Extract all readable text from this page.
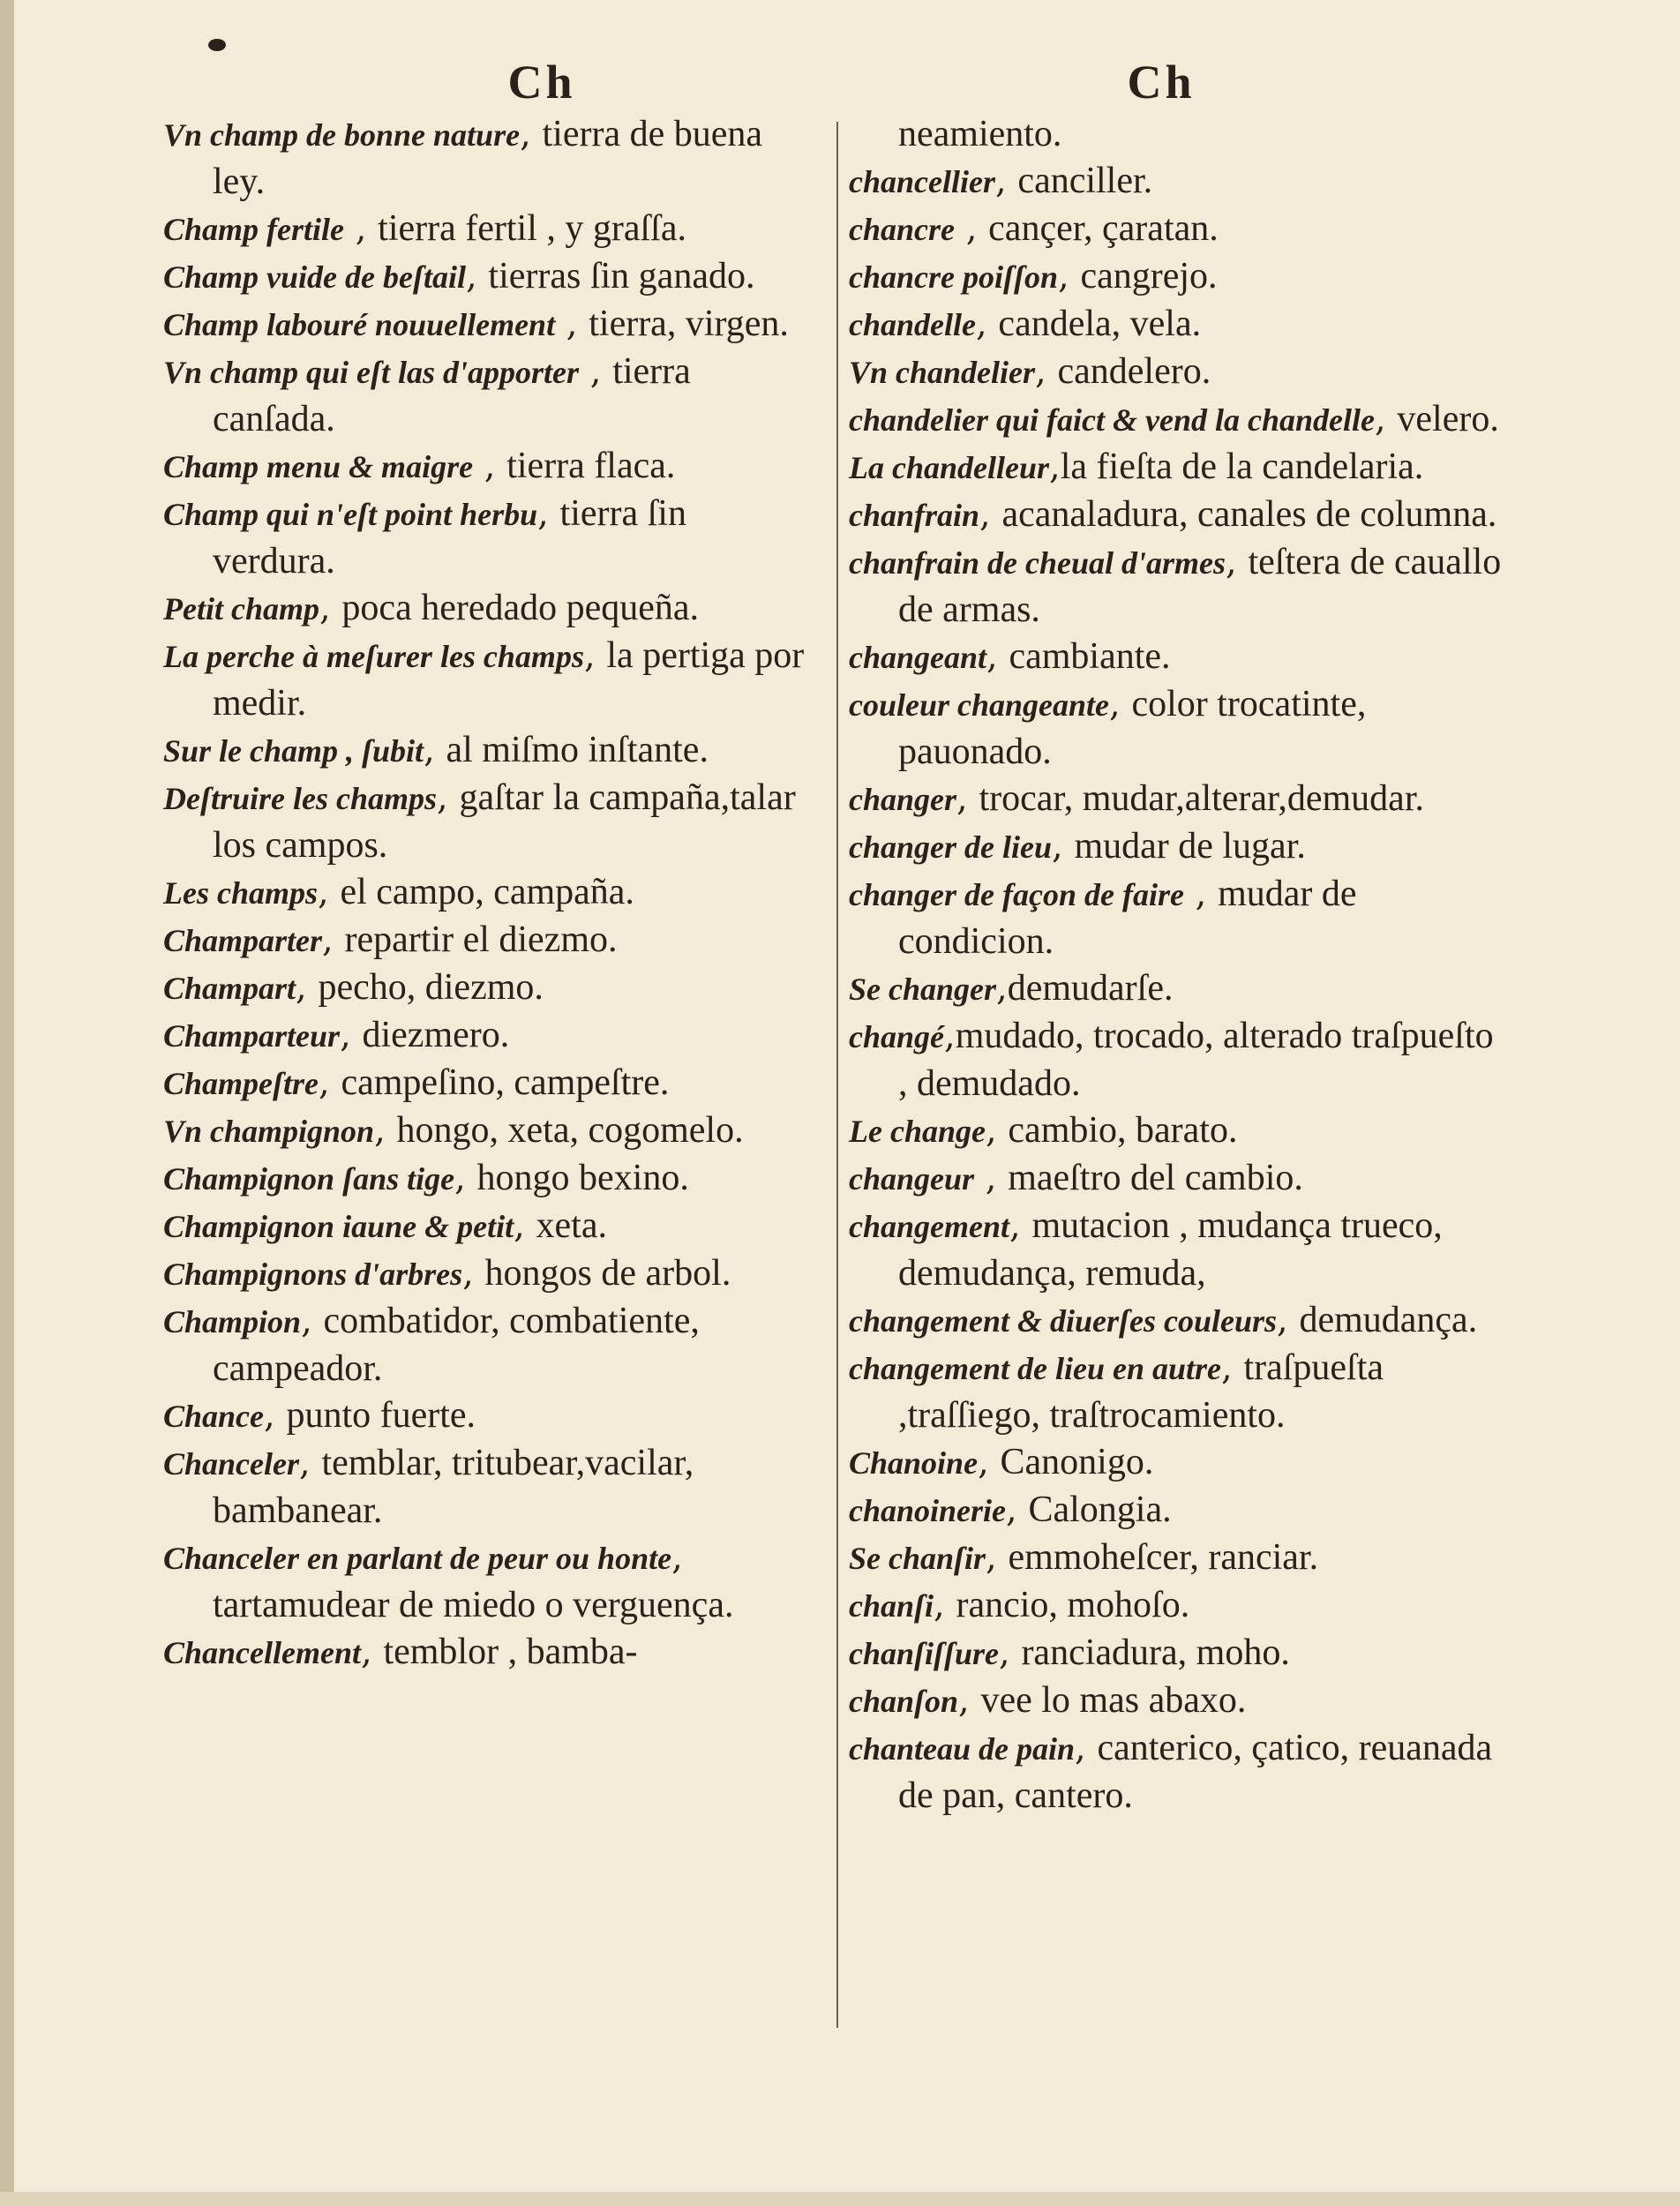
Ch	Ch
Vn champ de bonne nature, tierra de buena ley.
Champ fertile , tierra fertil , y graſſa.
Champ vuide de beſtail, tierras ſin ganado.
Champ labouré nouuellement , tierra, virgen.
Vn champ qui eſt las d'apporter , tierra canſada.
Champ menu & maigre , tierra flaca.
Champ qui n'eſt point herbu, tierra ſin verdura.
Petit champ, poca heredado pequeña.
La perche à meſurer les champs, la pertiga por medir.
Sur le champ , ſubit, al miſmo inſtante.
Deſtruire les champs, gaſtar la campaña,talar los campos.
Les champs, el campo, campaña.
Champarter, repartir el diezmo.
Champart, pecho, diezmo.
Champarteur, diezmero.
Champeſtre, campeſino, campeſtre.
Vn champignon, hongo, xeta, cogomelo.
Champignon ſans tige, hongo bexino.
Champignon iaune & petit, xeta.
Champignons d'arbres, hongos de arbol.
Champion, combatidor, combatiente, campeador.
Chance, punto fuerte.
Chanceler, temblar, tritubear,vacilar, bambanear.
Chanceler en parlant de peur ou honte, tartamudear de miedo o verguença.
Chancellement, temblor , bamba-
neamiento.
chancellier, canciller.
chancre , cançer, çaratan.
chancre poiſſon, cangrejo.
chandelle, candela, vela.
Vn chandelier, candelero.
chandelier qui faict & vend la chandelle, velero.
La chandelleur,la fieſta de la candelaria.
chanfrain, acanaladura, canales de columna.
chanfrain de cheual d'armes, teſtera de cauallo de armas.
changeant, cambiante.
couleur changeante, color trocatinte, pauonado.
changer, trocar, mudar,alterar,demudar.
changer de lieu, mudar de lugar.
changer de façon de faire , mudar de condicion.
Se changer,demudarſe.
changé,mudado, trocado, alterado traſpueſto , demudado.
Le change, cambio, barato.
changeur , maeſtro del cambio.
changement, mutacion , mudança trueco, demudança, remuda,
changement & diuerſes couleurs, demudança.
changement de lieu en autre, traſpueſta ,traſſiego, traſtrocamiento.
Chanoine, Canonigo.
chanoinerie, Calongia.
Se chanſir, emmoheſcer, ranciar.
chanſi, rancio, mohoſo.
chanſiſſure, ranciadura, moho.
chanſon, vee lo mas abaxo.
chanteau de pain, canterico, çatico, reuanada de pan, cantero.
